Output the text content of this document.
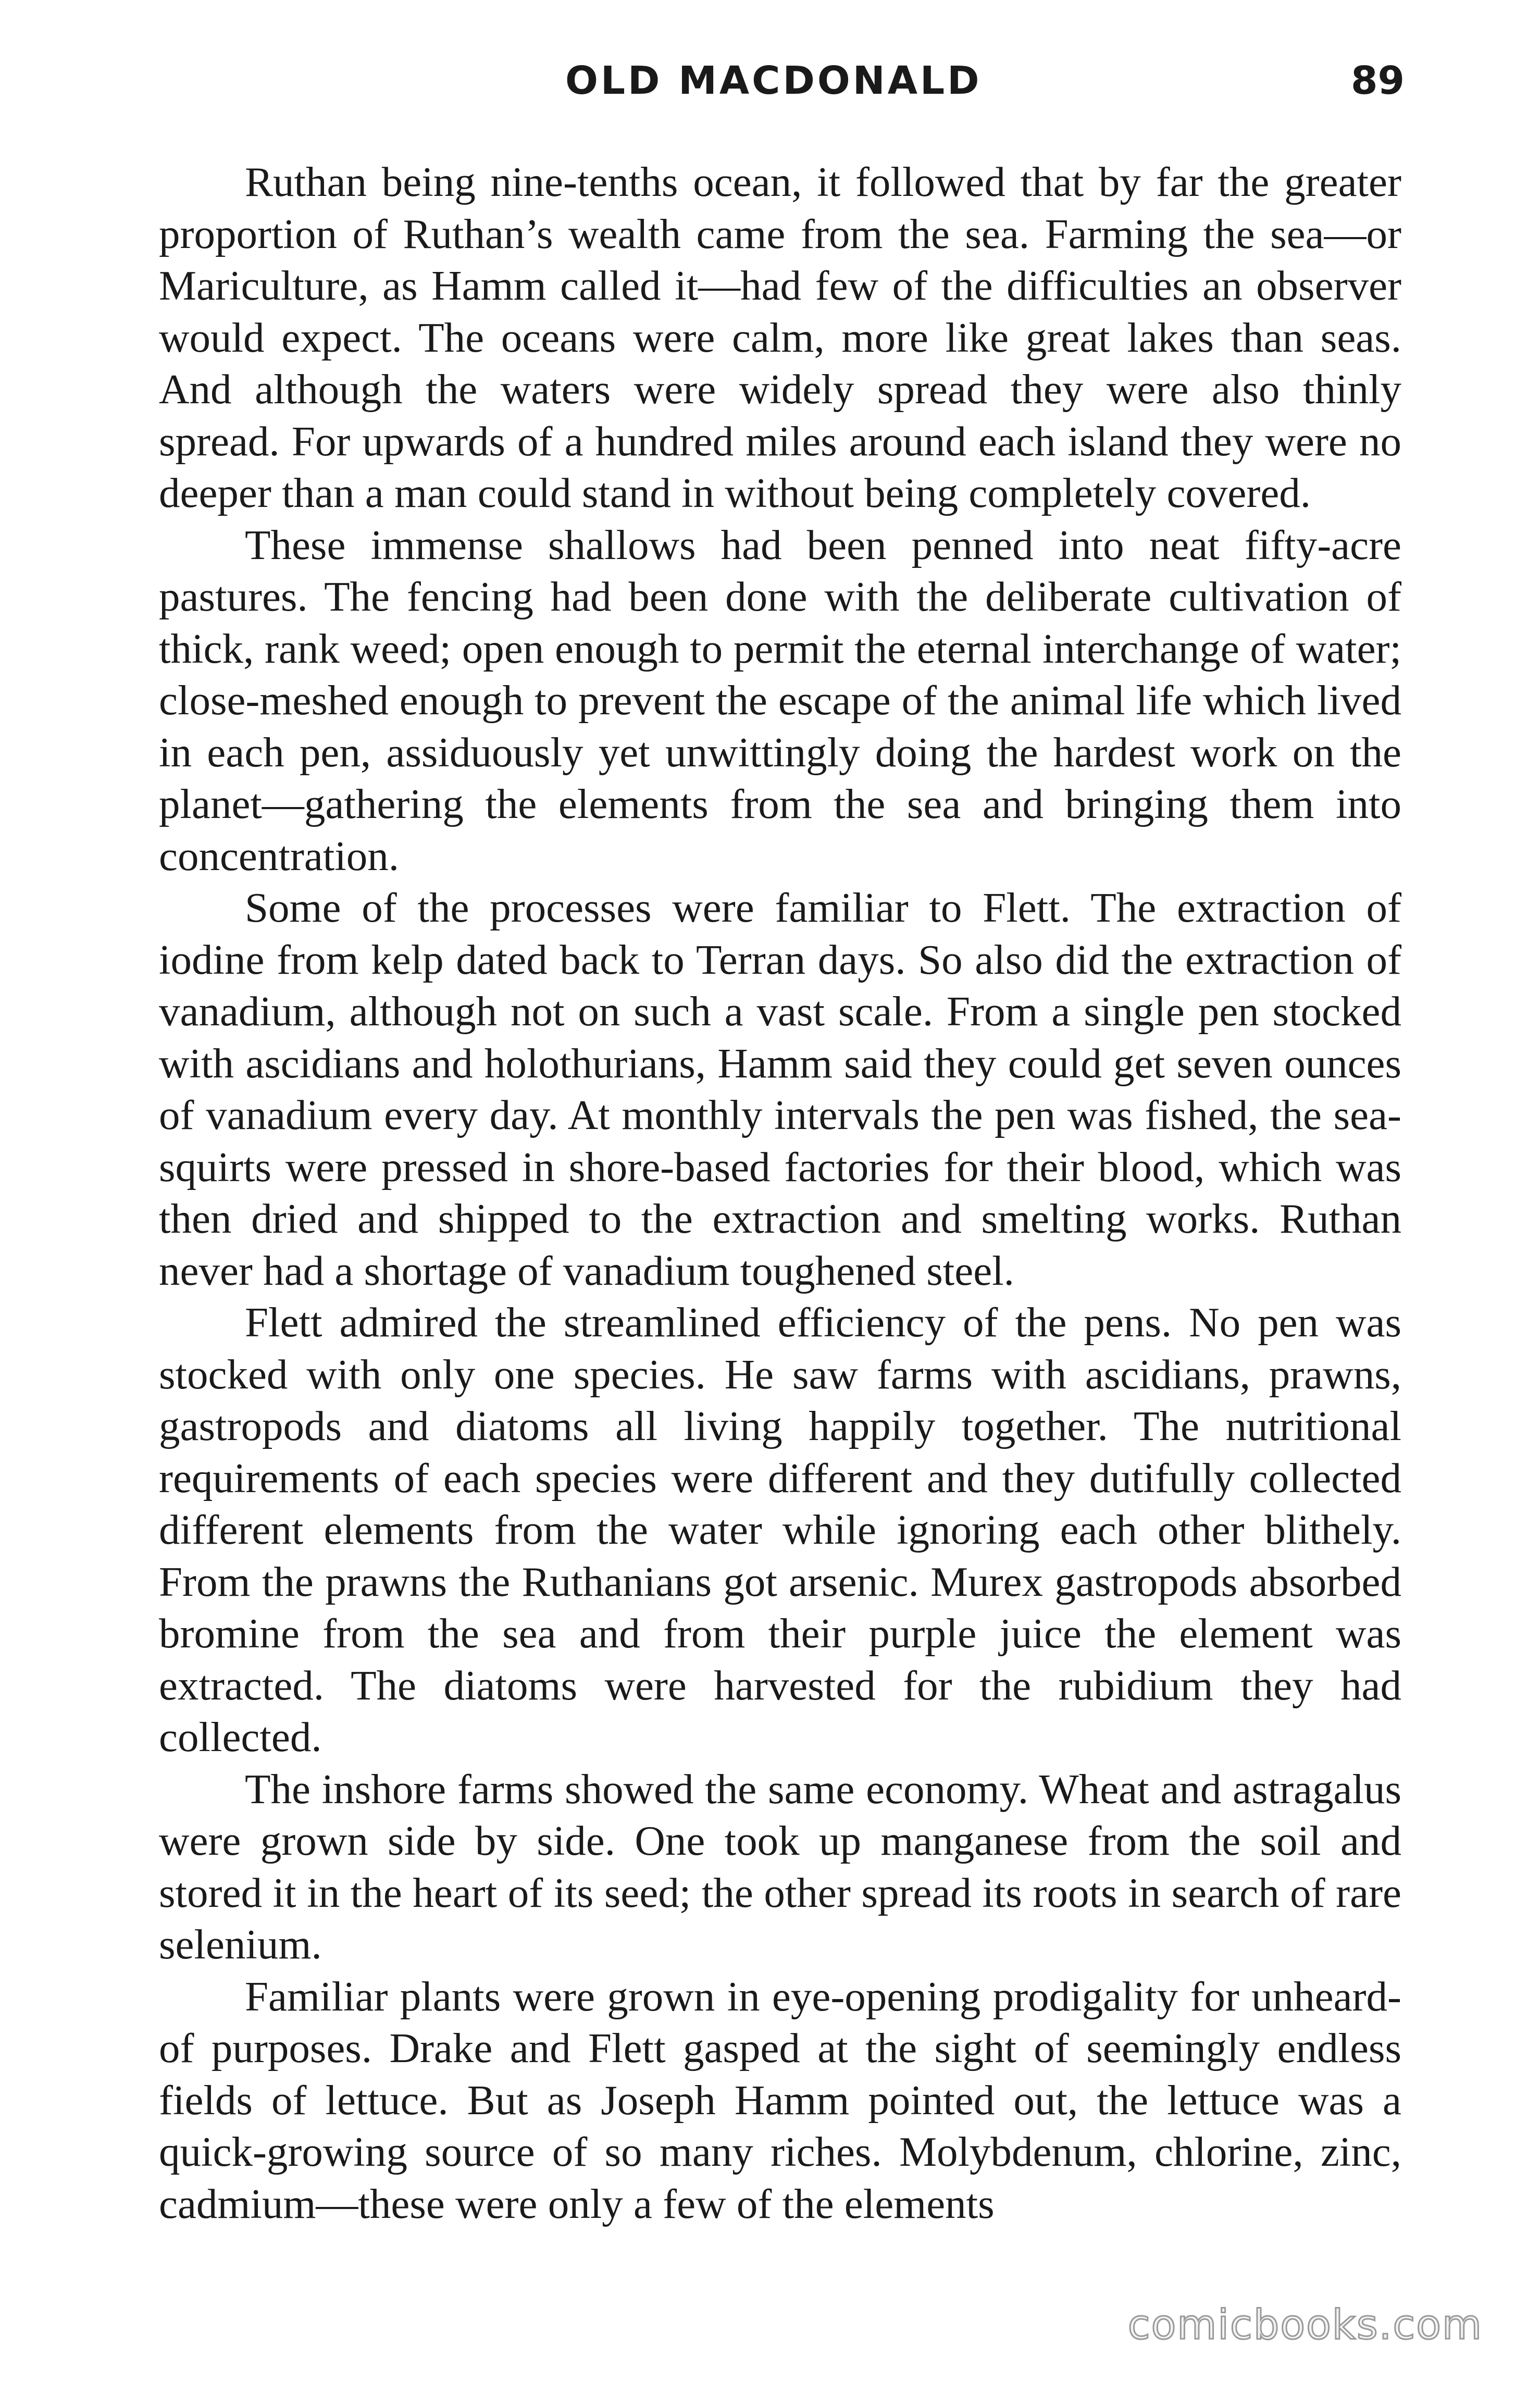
OLD MACDONALD	89

Ruthan being nine-tenths ocean, it followed that by far the greater proportion of Ruthan’s wealth came from the sea. Farming the sea—or Mariculture, as Hamm called it—had few of the difficulties an observer would expect. The oceans were calm, more like great lakes than seas. And although the waters were widely spread they were also thinly spread. For upwards of a hundred miles around each island they were no deeper than a man could stand in without being completely covered.

These immense shallows had been penned into neat fifty-acre pastures. The fencing had been done with the deliberate cultivation of thick, rank weed; open enough to permit the eternal interchange of water; close-meshed enough to prevent the escape of the animal life which lived in each pen, assiduously yet unwittingly doing the hardest work on the planet—gathering the elements from the sea and bringing them into concentration.

Some of the processes were familiar to Flett. The extraction of iodine from kelp dated back to Terran days. So also did the extraction of vanadium, although not on such a vast scale. From a single pen stocked with ascidians and holothurians, Hamm said they could get seven ounces of vanadium every day. At monthly intervals the pen was fished, the sea-squirts were pressed in shore-based factories for their blood, which was then dried and shipped to the extraction and smelting works. Ruthan never had a shortage of vanadium toughened steel.

Flett admired the streamlined efficiency of the pens. No pen was stocked with only one species. He saw farms with ascidians, prawns, gastropods and diatoms all living happily together. The nutritional requirements of each species were different and they dutifully collected different elements from the water while ignoring each other blithely. From the prawns the Ruthanians got arsenic. Murex gastropods absorbed bromine from the sea and from their purple juice the element was extracted. The diatoms were harvested for the rubidium they had collected.

The inshore farms showed the same economy. Wheat and astragalus were grown side by side. One took up manganese from the soil and stored it in the heart of its seed; the other spread its roots in search of rare selenium.

Familiar plants were grown in eye-opening prodigality for unheard-of purposes. Drake and Flett gasped at the sight of seemingly endless fields of lettuce. But as Joseph Hamm pointed out, the lettuce was a quick-growing source of so many riches. Molybdenum, chlorine, zinc, cadmium—these were only a few of the elements

comicbooks.com
